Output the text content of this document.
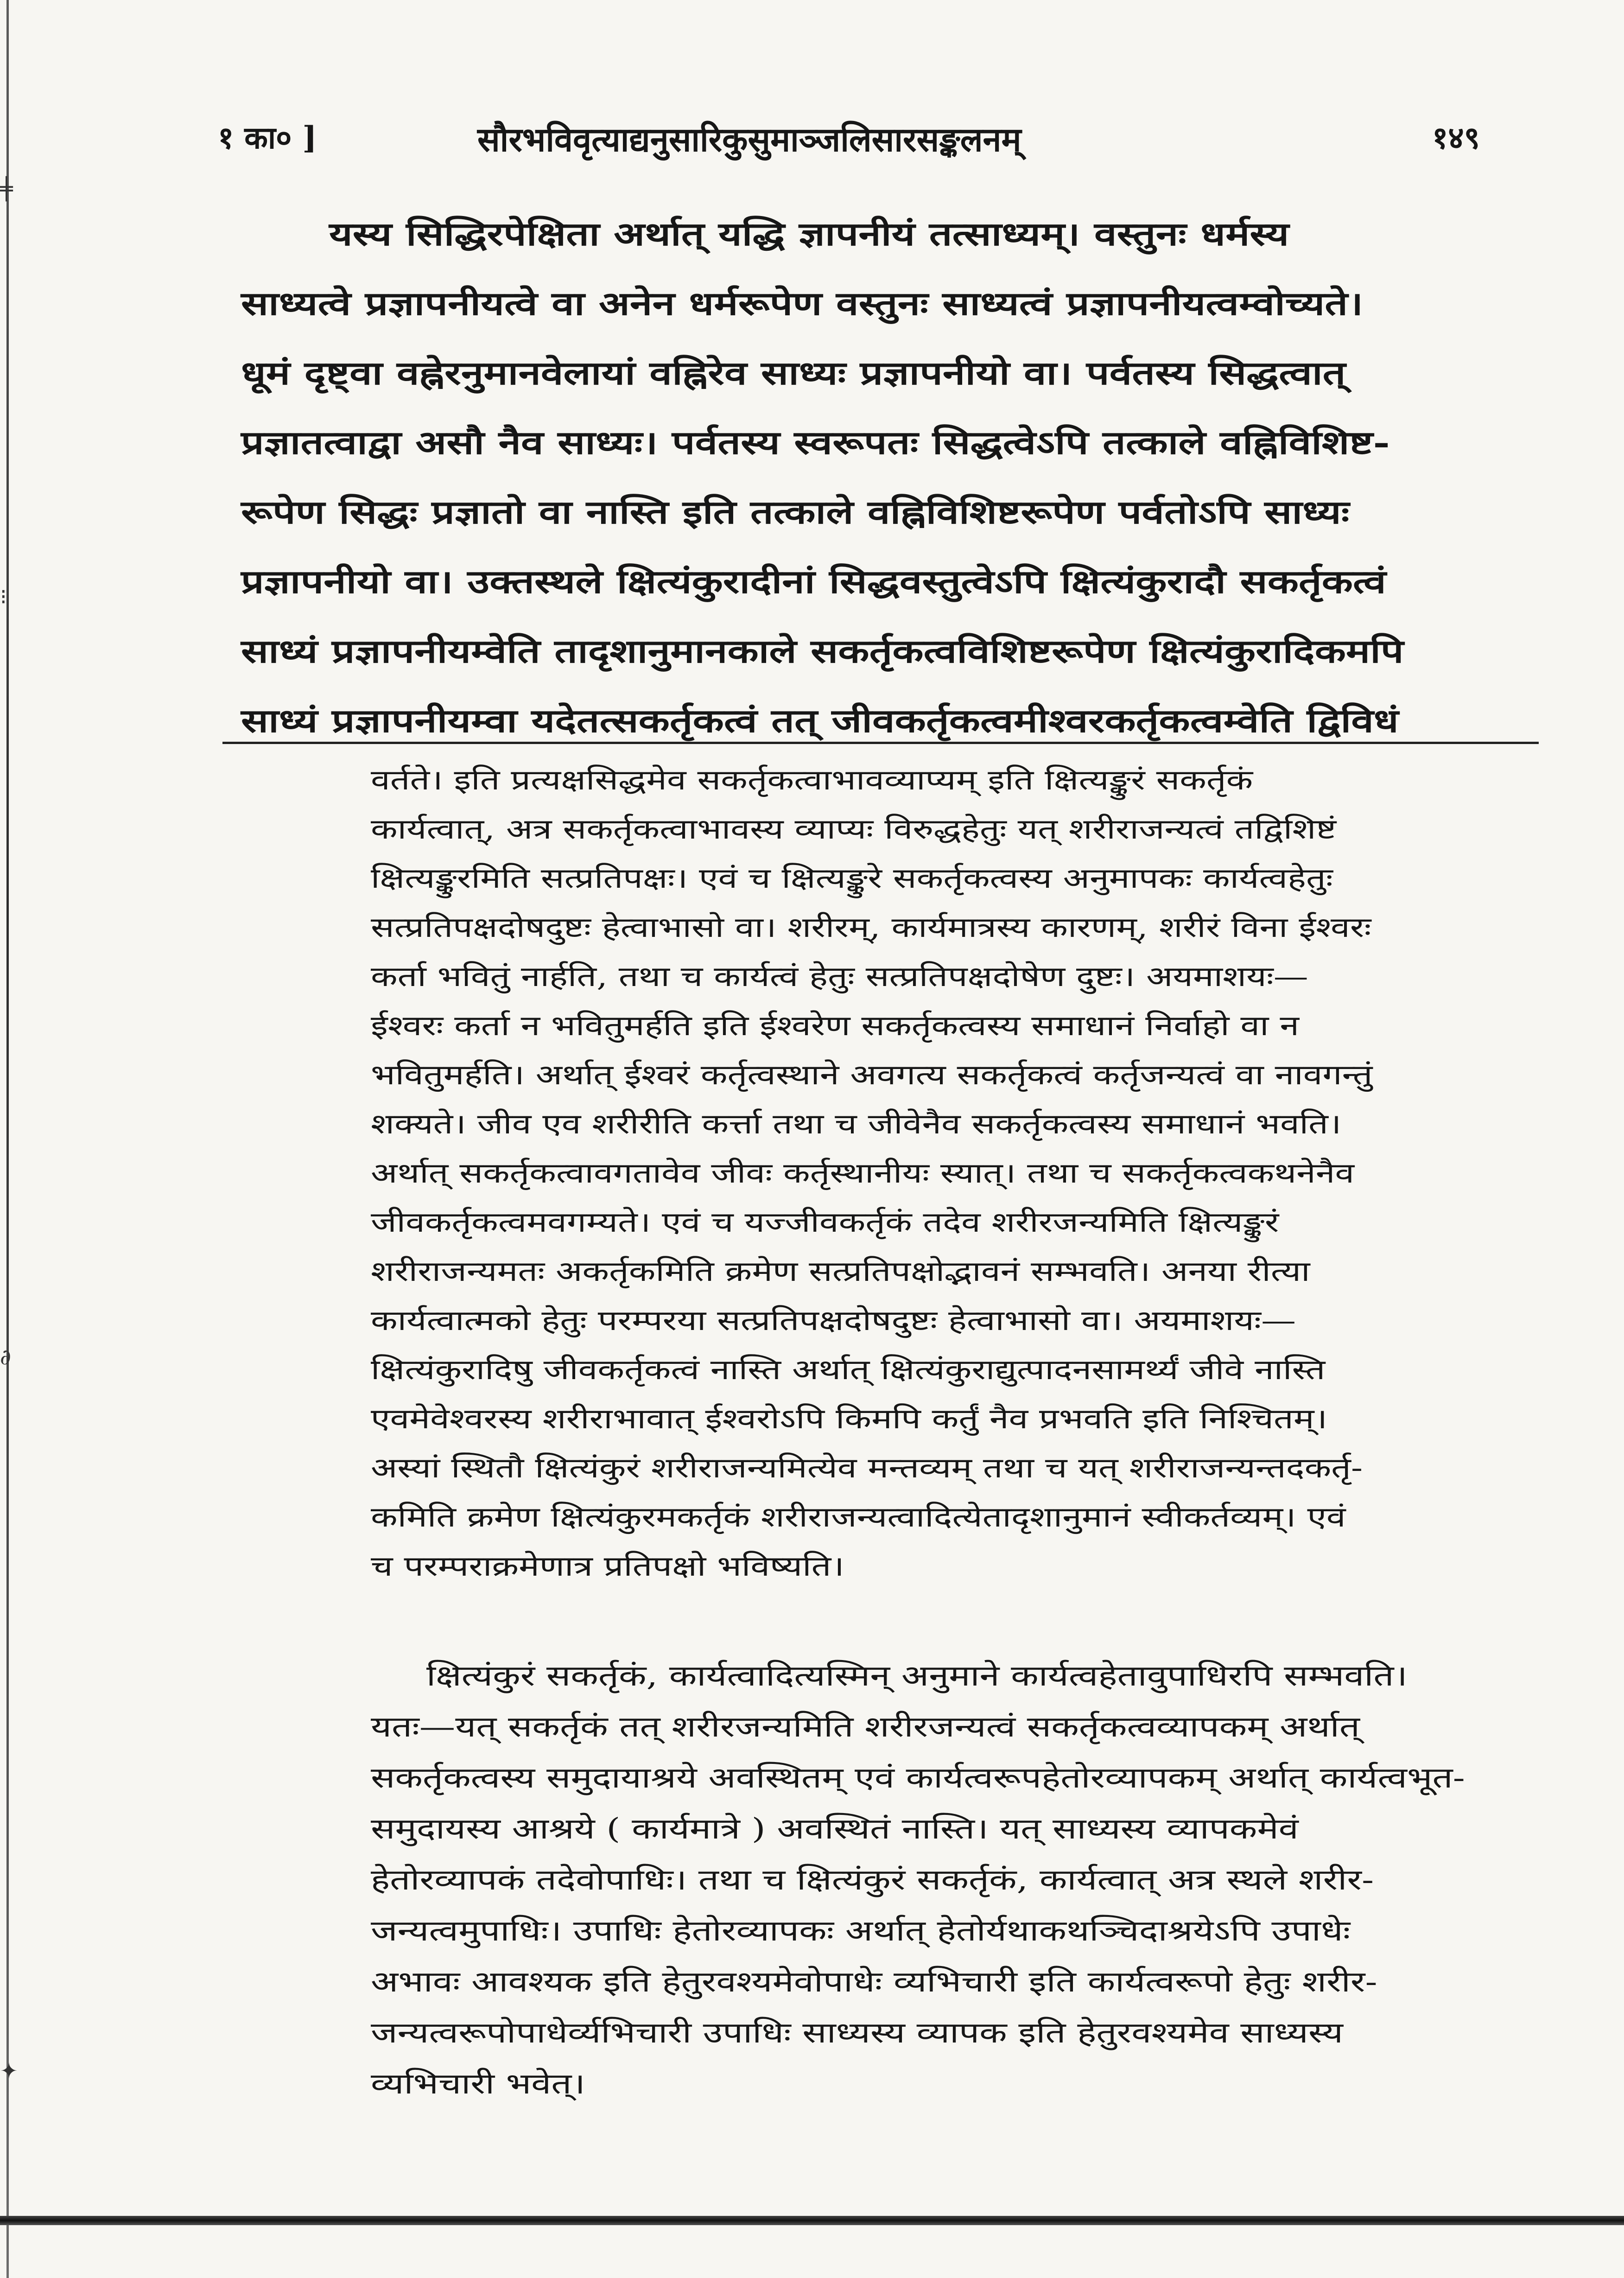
╪
⁝
∂
✦
१ का० ]	सौरभविवृत्याद्यनुसारिकुसुमाञ्जलिसारसङ्कलनम्	१४९
यस्य सिद्धिरपेक्षिता अर्थात् यद्धि ज्ञापनीयं तत्साध्यम्। वस्तुनः धर्मस्य
साध्यत्वे प्रज्ञापनीयत्वे वा अनेन धर्मरूपेण वस्तुनः साध्यत्वं प्रज्ञापनीयत्वम्वोच्यते।
धूमं दृष्ट्वा वह्नेरनुमानवेलायां वह्निरेव साध्यः प्रज्ञापनीयो वा। पर्वतस्य सिद्धत्वात्
प्रज्ञातत्वाद्वा असौ नैव साध्यः। पर्वतस्य स्वरूपतः सिद्धत्वेऽपि तत्काले वह्निविशिष्ट-
रूपेण सिद्धः प्रज्ञातो वा नास्ति इति तत्काले वह्निविशिष्टरूपेण पर्वतोऽपि साध्यः
प्रज्ञापनीयो वा। उक्तस्थले क्षित्यंकुरादीनां सिद्धवस्तुत्वेऽपि क्षित्यंकुरादौ सकर्तृकत्वं
साध्यं प्रज्ञापनीयम्वेति तादृशानुमानकाले सकर्तृकत्वविशिष्टरूपेण क्षित्यंकुरादिकमपि
साध्यं प्रज्ञापनीयम्वा यदेतत्सकर्तृकत्वं तत् जीवकर्तृकत्वमीश्वरकर्तृकत्वम्वेति द्विविधं
वर्तते। इति प्रत्यक्षसिद्धमेव सकर्तृकत्वाभावव्याप्यम् इति क्षित्यङ्कुरं सकर्तृकं
कार्यत्वात्, अत्र सकर्तृकत्वाभावस्य व्याप्यः विरुद्धहेतुः यत् शरीराजन्यत्वं तद्विशिष्टं
क्षित्यङ्कुरमिति सत्प्रतिपक्षः। एवं च क्षित्यङ्कुरे सकर्तृकत्वस्य अनुमापकः कार्यत्वहेतुः
सत्प्रतिपक्षदोषदुष्टः हेत्वाभासो वा। शरीरम्, कार्यमात्रस्य कारणम्, शरीरं विना ईश्वरः
कर्ता भवितुं नार्हति, तथा च कार्यत्वं हेतुः सत्प्रतिपक्षदोषेण दुष्टः। अयमाशयः—
ईश्वरः कर्ता न भवितुमर्हति इति ईश्वरेण सकर्तृकत्वस्य समाधानं निर्वाहो वा न
भवितुमर्हति। अर्थात् ईश्वरं कर्तृत्वस्थाने अवगत्य सकर्तृकत्वं कर्तृजन्यत्वं वा नावगन्तुं
शक्यते। जीव एव शरीरीति कर्त्ता तथा च जीवेनैव सकर्तृकत्वस्य समाधानं भवति।
अर्थात् सकर्तृकत्वावगतावेव जीवः कर्तृस्थानीयः स्यात्। तथा च सकर्तृकत्वकथनेनैव
जीवकर्तृकत्वमवगम्यते। एवं च यज्जीवकर्तृकं तदेव शरीरजन्यमिति क्षित्यङ्कुरं
शरीराजन्यमतः अकर्तृकमिति क्रमेण सत्प्रतिपक्षोद्भावनं सम्भवति। अनया रीत्या
कार्यत्वात्मको हेतुः परम्परया सत्प्रतिपक्षदोषदुष्टः हेत्वाभासो वा। अयमाशयः—
क्षित्यंकुरादिषु जीवकर्तृकत्वं नास्ति अर्थात् क्षित्यंकुराद्युत्पादनसामर्थ्यं जीवे नास्ति
एवमेवेश्वरस्य शरीराभावात् ईश्वरोऽपि किमपि कर्तुं नैव प्रभवति इति निश्चितम्।
अस्यां स्थितौ क्षित्यंकुरं शरीराजन्यमित्येव मन्तव्यम् तथा च यत् शरीराजन्यन्तदकर्तृ-
कमिति क्रमेण क्षित्यंकुरमकर्तृकं शरीराजन्यत्वादित्येतादृशानुमानं स्वीकर्तव्यम्। एवं
च परम्पराक्रमेणात्र प्रतिपक्षो भविष्यति।
क्षित्यंकुरं सकर्तृकं, कार्यत्वादित्यस्मिन् अनुमाने कार्यत्वहेतावुपाधिरपि सम्भवति।
यतः—यत् सकर्तृकं तत् शरीरजन्यमिति शरीरजन्यत्वं सकर्तृकत्वव्यापकम् अर्थात्
सकर्तृकत्वस्य समुदायाश्रये अवस्थितम् एवं कार्यत्वरूपहेतोरव्यापकम् अर्थात् कार्यत्वभूत-
समुदायस्य आश्रये ( कार्यमात्रे ) अवस्थितं नास्ति। यत् साध्यस्य व्यापकमेवं
हेतोरव्यापकं तदेवोपाधिः। तथा च क्षित्यंकुरं सकर्तृकं, कार्यत्वात् अत्र स्थले शरीर-
जन्यत्वमुपाधिः। उपाधिः हेतोरव्यापकः अर्थात् हेतोर्यथाकथञ्चिदाश्रयेऽपि उपाधेः
अभावः आवश्यक इति हेतुरवश्यमेवोपाधेः व्यभिचारी इति कार्यत्वरूपो हेतुः शरीर-
जन्यत्वरूपोपाधेर्व्यभिचारी उपाधिः साध्यस्य व्यापक इति हेतुरवश्यमेव साध्यस्य
व्यभिचारी भवेत्।
